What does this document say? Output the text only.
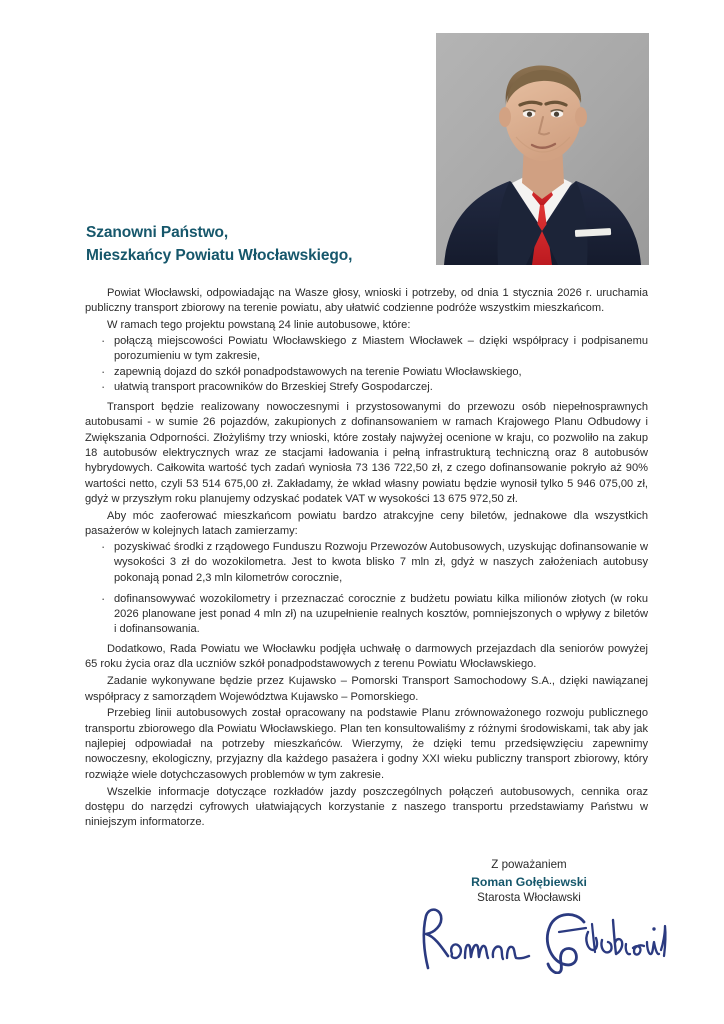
Szanowni Państwo,
Mieszkańcy Powiatu Włocławskiego,

Powiat Włocławski, odpowiadając na Wasze głosy, wnioski i potrzeby, od dnia 1 stycznia 2026 r. uruchamia publiczny transport zbiorowy na terenie powiatu, aby ułatwić codzienne podróże wszystkim mieszkańcom.

W ramach tego projektu powstaną 24 linie autobusowe, które:

· połączą miejscowości Powiatu Włocławskiego z Miastem Włocławek – dzięki współpracy i podpisanemu porozumieniu w tym zakresie,
· zapewnią dojazd do szkół ponadpodstawowych na terenie Powiatu Włocławskiego,
· ułatwią transport pracowników do Brzeskiej Strefy Gospodarczej.

Transport będzie realizowany nowoczesnymi i przystosowanymi do przewozu osób niepełnosprawnych autobusami - w sumie 26 pojazdów, zakupionych z dofinansowaniem w ramach Krajowego Planu Odbudowy i Zwiększania Odporności. Złożyliśmy trzy wnioski, które zostały najwyżej ocenione w kraju, co pozwoliło na zakup 18 autobusów elektrycznych wraz ze stacjami ładowania i pełną infrastrukturą techniczną oraz 8 autobusów hybrydowych. Całkowita wartość tych zadań wyniosła 73 136 722,50 zł, z czego dofinansowanie pokryło aż 90% wartości netto, czyli 53 514 675,00 zł. Zakładamy, że wkład własny powiatu będzie wynosił tylko 5 946 075,00 zł, gdyż w przyszłym roku planujemy odzyskać podatek VAT w wysokości 13 675 972,50 zł.

Aby móc zaoferować mieszkańcom powiatu bardzo atrakcyjne ceny biletów, jednakowe dla wszystkich pasażerów w kolejnych latach zamierzamy:

· pozyskiwać środki z rządowego Funduszu Rozwoju Przewozów Autobusowych, uzyskując dofinansowanie w wysokości 3 zł do wozokilometra. Jest to kwota blisko 7 mln zł, gdyż w naszych założeniach autobusy pokonają ponad 2,3 mln kilometrów corocznie,
· dofinansowywać wozokilometry i przeznaczać corocznie z budżetu powiatu kilka milionów złotych (w roku 2026 planowane jest ponad 4 mln zł) na uzupełnienie realnych kosztów, pomniejszonych o wpływy z biletów i dofinansowania.

Dodatkowo, Rada Powiatu we Włocławku podjęła uchwałę o darmowych przejazdach dla seniorów powyżej 65 roku życia oraz dla uczniów szkół ponadpodstawowych z terenu Powiatu Włocławskiego.

Zadanie wykonywane będzie przez Kujawsko – Pomorski Transport Samochodowy S.A., dzięki nawiązanej współpracy z samorządem Województwa Kujawsko – Pomorskiego.

Przebieg linii autobusowych został opracowany na podstawie Planu zrównoważonego rozwoju publicznego transportu zbiorowego dla Powiatu Włocławskiego. Plan ten konsultowaliśmy z różnymi środowiskami, tak aby jak najlepiej odpowiadał na potrzeby mieszkańców. Wierzymy, że dzięki temu przedsięwzięciu zapewnimy nowoczesny, ekologiczny, przyjazny dla każdego pasażera i godny XXI wieku publiczny transport zbiorowy, który rozwiąże wiele dotychczasowych problemów w tym zakresie.

Wszelkie informacje dotyczące rozkładów jazdy poszczególnych połączeń autobusowych, cennika oraz dostępu do narzędzi cyfrowych ułatwiających korzystanie z naszego transportu przedstawiamy Państwu w niniejszym informatorze.

Z poważaniem
Roman Gołębiewski
Starosta Włocławski
